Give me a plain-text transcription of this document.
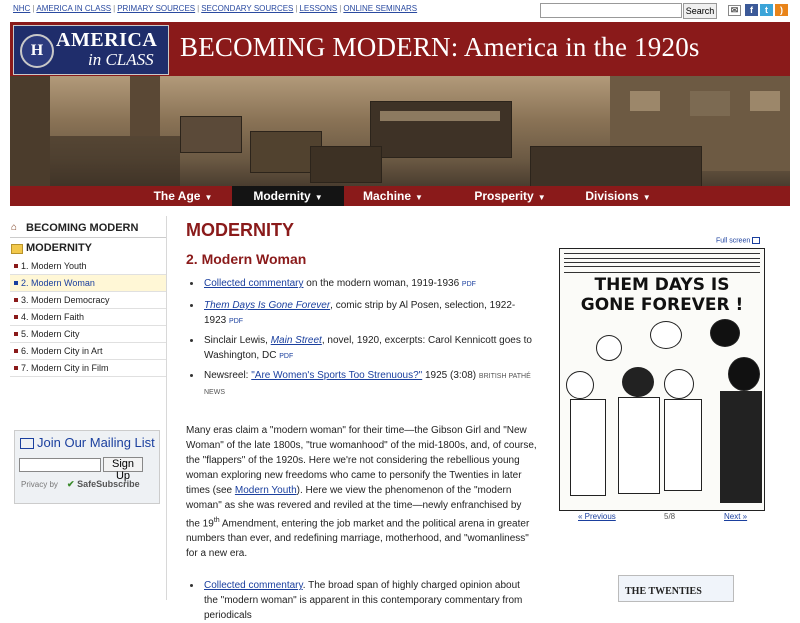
NHC | AMERICA IN CLASS | PRIMARY SOURCES | SECONDARY SOURCES | LESSONS | ONLINE SEMINARS	Search	✉	f	t	)
H AMERICA
in CLASS BECOMING MODERN: America in the 1920s
The Age ▼	Modernity ▼	Machine ▼	Prosperity ▼	Divisions ▼
⌂ BECOMING MODERN
MODERNITY
1. Modern Youth
2. Modern Woman
3. Modern Democracy
4. Modern Faith
5. Modern City
6. Modern City in Art
7. Modern City in Film
Join Our Mailing List
Sign Up
Privacy by ✔ SafeSubscribe
MODERNITY
2. Modern Woman
Collected commentary on the modern woman, 1919-1936 PDF
Them Days Is Gone Forever, comic strip by Al Posen, selection, 1922-1923 PDF
Sinclair Lewis, Main Street, novel, 1920, excerpts: Carol Kennicott goes to Washington, DC PDF
Newsreel: "Are Women's Sports Too Strenuous?" 1925 (3:08) BRITISH PATHÉ NEWS
Many eras claim a "modern woman" for their time—the Gibson Girl and "New Woman" of the late 1800s, "true womanhood" of the mid-1800s, and, of course, the "flappers" of the 1920s. Here we're not considering the rebellious young woman exploring new freedoms who came to personify the Twenties in later times (see Modern Youth). Here we view the phenomenon of the "modern woman" as she was revered and reviled at the time—newly enfranchised by the 19th Amendment, entering the job market and the political arena in greater numbers than ever, and redefining marriage, motherhood, and "womanliness" for a new era.
Collected commentary. The broad span of highly charged opinion about the "modern woman" is apparent in this contemporary commentary from periodicals
Full screen
THEM DAYS IS GONE FOREVER !
« Previous	5/8	Next »
THE TWENTIES
